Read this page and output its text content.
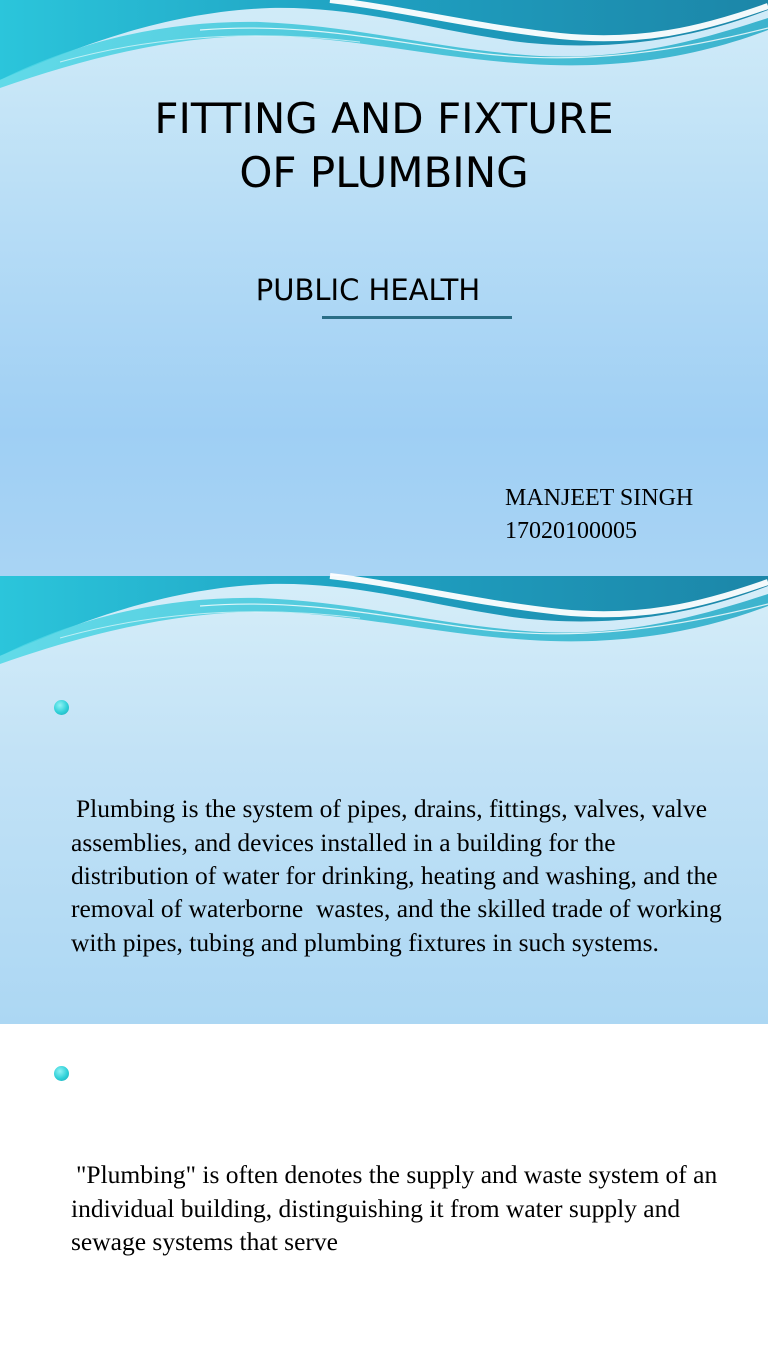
FITTING AND FIXTURE
OF PLUMBING
PUBLIC HEALTH
MANJEET SINGH
17020100005

Plumbing is the system of pipes, drains, fittings, valves, valve assemblies, and devices installed in a building for the distribution of water for drinking, heating and washing, and the removal of waterborne  wastes, and the skilled trade of working with pipes, tubing and plumbing fixtures in such systems.

"Plumbing" is often denotes the supply and waste system of an individual building, distinguishing it from water supply and sewage systems that serve
